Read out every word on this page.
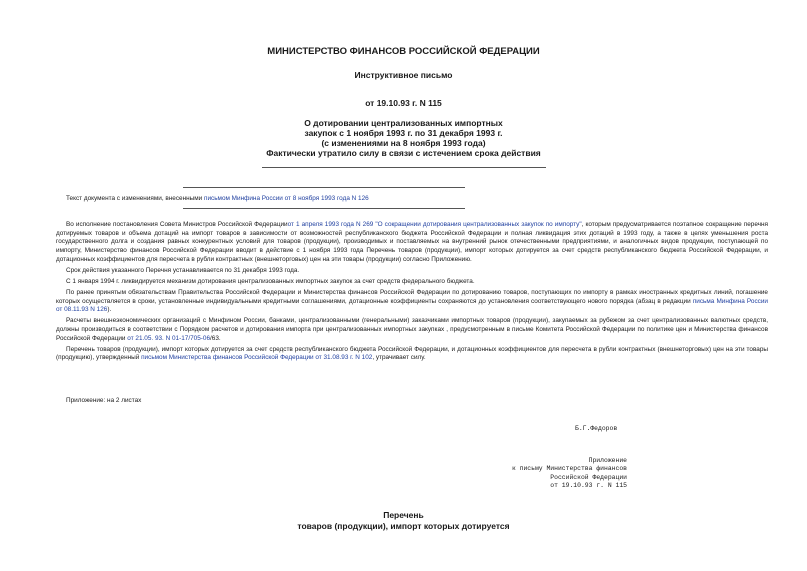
МИНИСТЕРСТВО ФИНАНСОВ РОССИЙСКОЙ ФЕДЕРАЦИИ
Инструктивное письмо
от 19.10.93 г. N 115
О дотировании централизованных импортных
закупок с 1 ноября 1993 г. по 31 декабря 1993 г.
(с изменениями на 8 ноября 1993 года)
Фактически утратило силу в связи с истечением срока действия
Текст документа с изменениями, внесенными письмом Минфина России от 8 ноября 1993 года N 126

Во исполнение постановления Совета Министров Российской Федерацииот 1 апреля 1993 года N 269 "О сокращении дотирования централизованных закупок по импорту", которым предусматривается поэтапное сокращение перечня дотируемых товаров и объема дотаций на импорт товаров в зависимости от возможностей республиканского бюджета Российской Федерации и полная ликвидация этих дотаций в 1993 году, а также в целях уменьшения роста государственного долга и создания равных конкурентных условий для товаров (продукции), производимых и поставляемых на внутренний рынок отечественными предприятиями, и аналогичных видов продукции, поступающей по импорту, Министерство финансов Российской Федерации вводит в действие с 1 ноября 1993 года Перечень товаров (продукции), импорт которых дотируется за счет средств республиканского бюджета Российской Федерации, и дотационных коэффициентов для пересчета в рубли контрактных (внешнеторговых) цен на эти товары (продукции) согласно Приложению.

Срок действия указанного Перечня устанавливается по 31 декабря 1993 года.

С 1 января 1994 г. ликвидируется механизм дотирования централизованных импортных закупок за счет средств федерального бюджета.

По ранее принятым обязательствам Правительства Российской Федерации и Министерства финансов Российской Федерации по дотированию товаров, поступающих по импорту в рамках иностранных кредитных линий, погашение которых осуществляется в сроки, установленные индивидуальными кредитными соглашениями, дотационные коэффициенты сохраняются до установления соответствующего нового порядка (абзац в редакции письма Минфина России от 08.11.93 N 126).

Расчеты внешнеэкономических организаций с Минфином России, банками, централизованными (генеральными) заказчиками импортных товаров (продукции), закупаемых за рубежом за счет централизованных валютных средств, должны производиться в соответствии с Порядком расчетов и дотирования импорта при централизованных импортных закупках , предусмотренным в письме Комитета Российской Федерации по политике цен и Министерства финансов Российской Федерации от 21.05. 93. N 01-17/705-06/63.

Перечень товаров (продукции), импорт которых дотируется за счет средств республиканского бюджета Российской Федерации, и дотационных коэффициентов для пересчета в рубли контрактных (внешнеторговых) цен на эти товары (продукцию), утвержденный письмом Министерства финансов Российской Федерации от 31.08.93 г. N 102, утрачивает силу.

Приложение: на 2 листах
Б.Г.Федоров
Приложение
к письму Министерства финансов
Российской Федерации
от 19.10.93 г. N 115
Перечень
товаров (продукции), импорт которых дотируется
